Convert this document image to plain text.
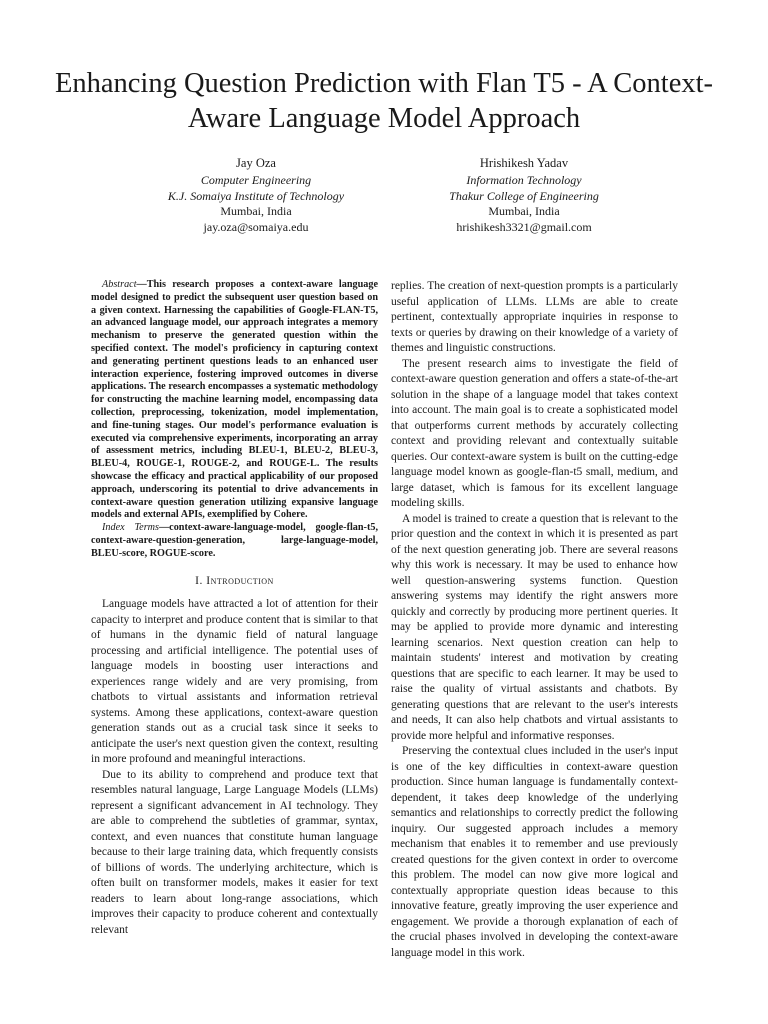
Enhancing Question Prediction with Flan T5 - A Context-Aware Language Model Approach
Jay Oza
Computer Engineering
K.J. Somaiya Institute of Technology
Mumbai, India
jay.oza@somaiya.edu
Hrishikesh Yadav
Information Technology
Thakur College of Engineering
Mumbai, India
hrishikesh3321@gmail.com

Abstract—This research proposes a context-aware language model designed to predict the subsequent user question based on a given context. Harnessing the capabilities of Google-FLAN-T5, an advanced language model, our approach integrates a memory mechanism to preserve the generated question within the specified context. The model's proficiency in capturing context and generating pertinent questions leads to an enhanced user interaction experience, fostering improved outcomes in diverse applications. The research encompasses a systematic methodology for constructing the machine learning model, encompassing data collection, preprocessing, tokenization, model implementation, and fine-tuning stages. Our model's performance evaluation is executed via comprehensive experiments, incorporating an array of assessment metrics, including BLEU-1, BLEU-2, BLEU-3, BLEU-4, ROUGE-1, ROUGE-2, and ROUGE-L. The results showcase the efficacy and practical applicability of our proposed approach, underscoring its potential to drive advancements in context-aware question generation utilizing expansive language models and external APIs, exemplified by Cohere.

Index Terms—context-aware-language-model, google-flan-t5, context-aware-question-generation, large-language-model, BLEU-score, ROGUE-score.

I. Introduction

Language models have attracted a lot of attention for their capacity to interpret and produce content that is similar to that of humans in the dynamic field of natural language processing and artificial intelligence. The potential uses of language models in boosting user interactions and experiences range widely and are very promising, from chatbots to virtual assistants and information retrieval systems. Among these applications, context-aware question generation stands out as a crucial task since it seeks to anticipate the user's next question given the context, resulting in more profound and meaningful interactions.

Due to its ability to comprehend and produce text that resembles natural language, Large Language Models (LLMs) represent a significant advancement in AI technology. They are able to comprehend the subtleties of grammar, syntax, context, and even nuances that constitute human language because to their large training data, which frequently consists of billions of words. The underlying architecture, which is often built on transformer models, makes it easier for text readers to learn about long-range associations, which improves their capacity to produce coherent and contextually relevant

replies. The creation of next-question prompts is a particularly useful application of LLMs. LLMs are able to create pertinent, contextually appropriate inquiries in response to texts or queries by drawing on their knowledge of a variety of themes and linguistic constructions.

The present research aims to investigate the field of context-aware question generation and offers a state-of-the-art solution in the shape of a language model that takes context into account. The main goal is to create a sophisticated model that outperforms current methods by accurately collecting context and providing relevant and contextually suitable queries. Our context-aware system is built on the cutting-edge language model known as google-flan-t5 small, medium, and large dataset, which is famous for its excellent language modeling skills.

A model is trained to create a question that is relevant to the prior question and the context in which it is presented as part of the next question generating job. There are several reasons why this work is necessary. It may be used to enhance how well question-answering systems function. Question answering systems may identify the right answers more quickly and correctly by producing more pertinent queries. It may be applied to provide more dynamic and interesting learning scenarios. Next question creation can help to maintain students' interest and motivation by creating questions that are specific to each learner. It may be used to raise the quality of virtual assistants and chatbots. By generating questions that are relevant to the user's interests and needs, It can also help chatbots and virtual assistants to provide more helpful and informative responses.

Preserving the contextual clues included in the user's input is one of the key difficulties in context-aware question production. Since human language is fundamentally context-dependent, it takes deep knowledge of the underlying semantics and relationships to correctly predict the following inquiry. Our suggested approach includes a memory mechanism that enables it to remember and use previously created questions for the given context in order to overcome this problem. The model can now give more logical and contextually appropriate question ideas because to this innovative feature, greatly improving the user experience and engagement. We provide a thorough explanation of each of the crucial phases involved in developing the context-aware language model in this work.
